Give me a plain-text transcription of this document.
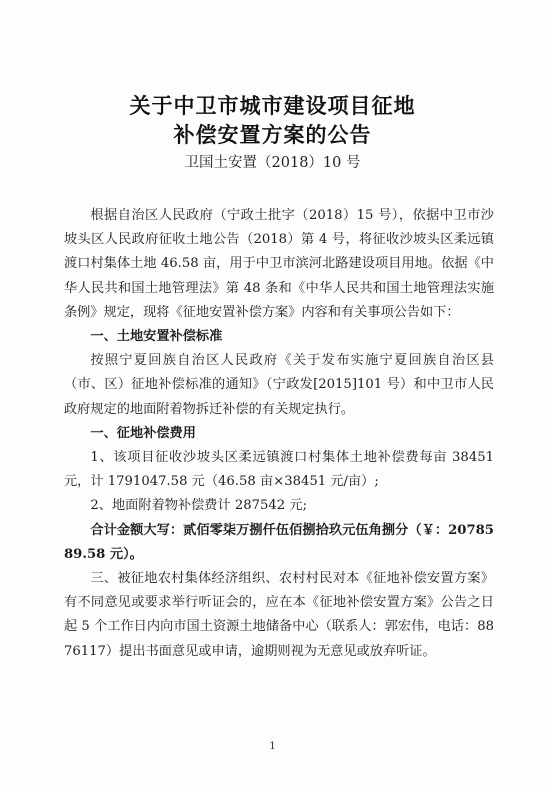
关于中卫市城市建设项目征地
补偿安置方案的公告
卫国土安置（2018）10 号

根据自治区人民政府（宁政土批字（2018）15 号），依据中卫市沙坡头区人民政府征收土地公告（2018）第 4 号，将征收沙坡头区柔远镇渡口村集体土地 46.58 亩，用于中卫市滨河北路建设项目用地。依据《中华人民共和国土地管理法》第 48 条和《中华人民共和国土地管理法实施条例》规定，现将《征地安置补偿方案》内容和有关事项公告如下：

一、土地安置补偿标准

按照宁夏回族自治区人民政府《关于发布实施宁夏回族自治区县（市、区）征地补偿标准的通知》（宁政发[2015]101 号）和中卫市人民政府规定的地面附着物拆迁补偿的有关规定执行。

一、征地补偿费用

1、该项目征收沙坡头区柔远镇渡口村集体土地补偿费每亩 38451 元，计 1791047.58 元（46.58 亩×38451 元/亩）;

2、地面附着物补偿费计 287542 元;

合计金额大写：贰佰零柒万捌仟伍佰捌拾玖元伍角捌分（￥：2078589.58 元）。

三、被征地农村集体经济组织、农村村民对本《征地补偿安置方案》有不同意见或要求举行听证会的，应在本《征地补偿安置方案》公告之日起 5 个工作日内向市国土资源土地储备中心（联系人：郭宏伟，电话：8876117）提出书面意见或申请，逾期则视为无意见或放弃听证。

1
